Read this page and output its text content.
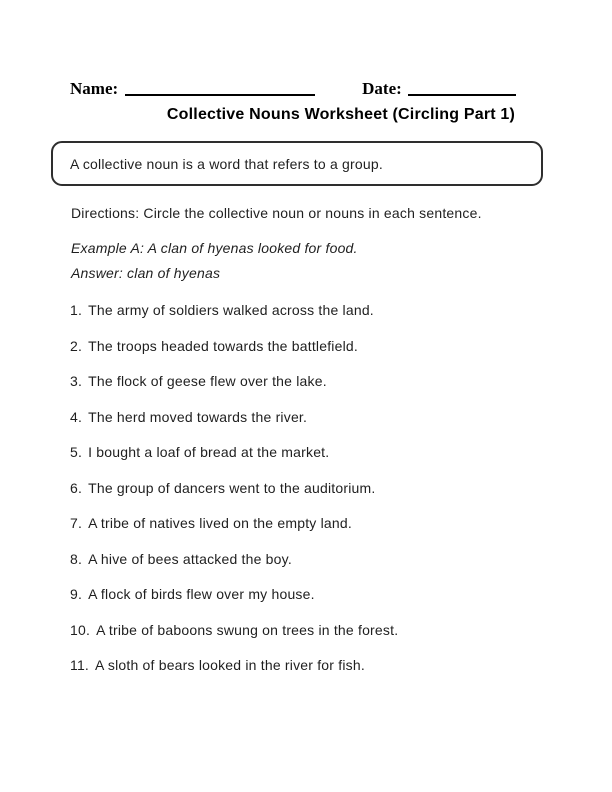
Name:	Date:
Collective Nouns Worksheet (Circling Part 1)
A collective noun is a word that refers to a group.

Directions: Circle the collective noun or nouns in each sentence.

Example A: A clan of hyenas looked for food.

Answer: clan of hyenas

1. The army of soldiers walked across the land.
2. The troops headed towards the battlefield.
3. The flock of geese flew over the lake.
4. The herd moved towards the river.
5. I bought a loaf of bread at the market.
6. The group of dancers went to the auditorium.
7. A tribe of natives lived on the empty land.
8. A hive of bees attacked the boy.
9. A flock of birds flew over my house.
10. A tribe of baboons swung on trees in the forest.
11. A sloth of bears looked in the river for fish.
